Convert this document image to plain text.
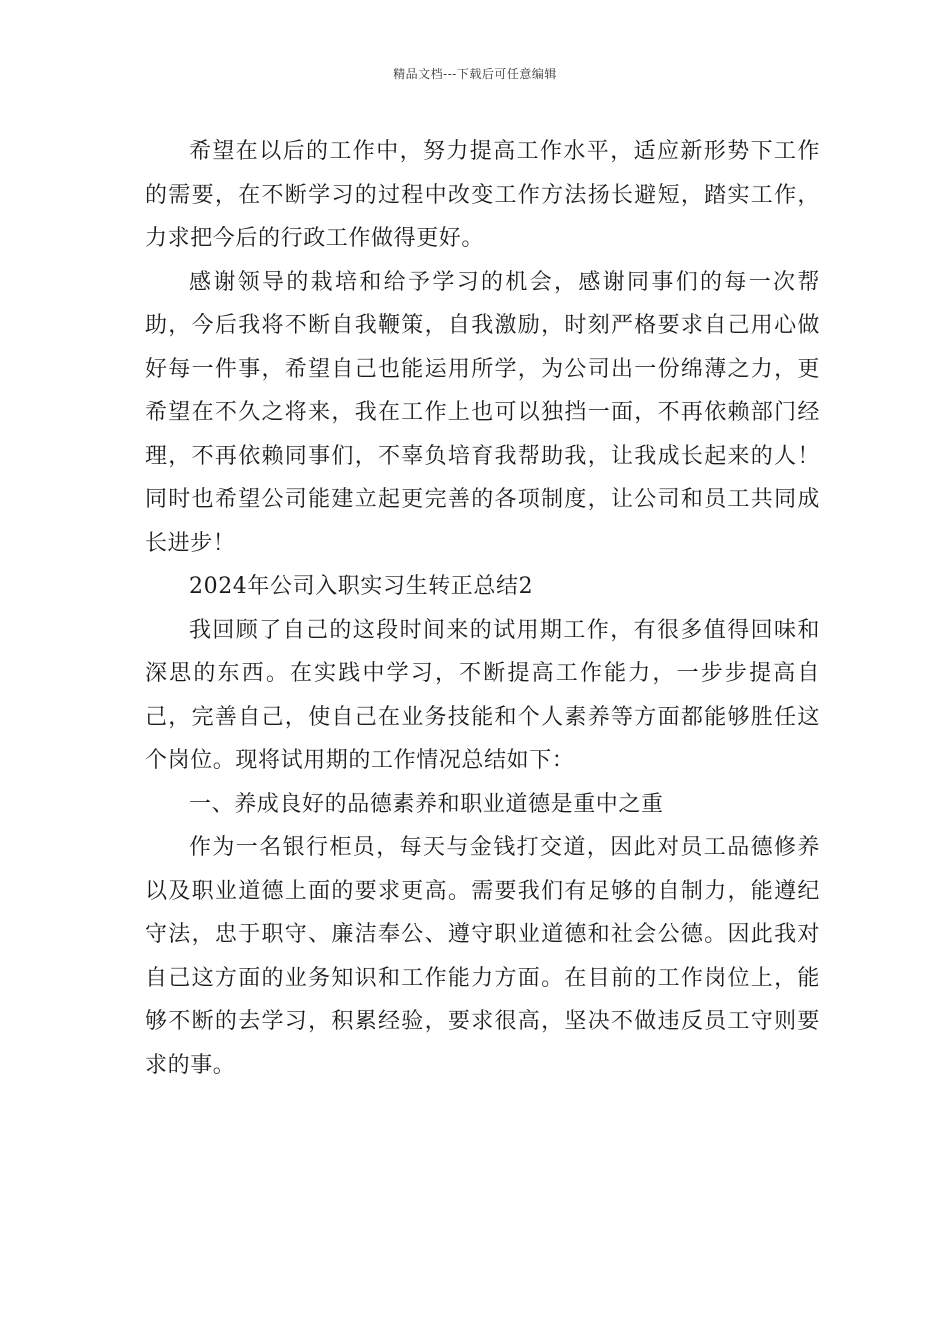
精品文档---下载后可任意编辑

希望在以后的工作中，努力提高工作水平，适应新形势下工作的需要，在不断学习的过程中改变工作方法扬长避短，踏实工作，力求把今后的行政工作做得更好。

感谢领导的栽培和给予学习的机会，感谢同事们的每一次帮助，今后我将不断自我鞭策，自我激励，时刻严格要求自己用心做好每一件事，希望自己也能运用所学，为公司出一份绵薄之力，更希望在不久之将来，我在工作上也可以独挡一面，不再依赖部门经理，不再依赖同事们，不辜负培育我帮助我，让我成长起来的人！同时也希望公司能建立起更完善的各项制度，让公司和员工共同成长进步！

2024年公司入职实习生转正总结2

我回顾了自己的这段时间来的试用期工作，有很多值得回味和深思的东西。在实践中学习，不断提高工作能力，一步步提高自己，完善自己，使自己在业务技能和个人素养等方面都能够胜任这个岗位。现将试用期的工作情况总结如下：

一、养成良好的品德素养和职业道德是重中之重

作为一名银行柜员，每天与金钱打交道，因此对员工品德修养以及职业道德上面的要求更高。需要我们有足够的自制力，能遵纪守法，忠于职守、廉洁奉公、遵守职业道德和社会公德。因此我对自己这方面的业务知识和工作能力方面。在目前的工作岗位上，能够不断的去学习，积累经验，要求很高，坚决不做违反员工守则要求的事。
